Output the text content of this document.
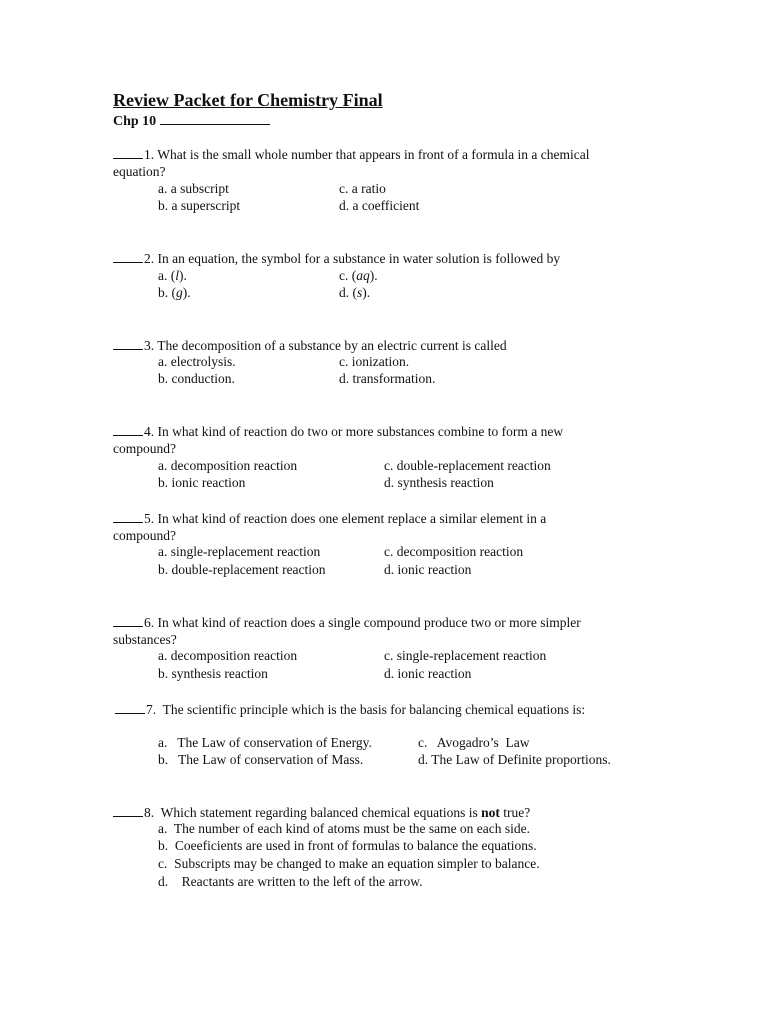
Review Packet for Chemistry Final
Chp 10
1. What is the small whole number that appears in front of a formula in a chemical
equation?
a. a subscript	c. a ratio
b. a superscript	d. a coefficient
2. In an equation, the symbol for a substance in water solution is followed by
a. (l).	c. (aq).
b. (g).	d. (s).
3. The decomposition of a substance by an electric current is called
a. electrolysis.	c. ionization.
b. conduction.	d. transformation.
4. In what kind of reaction do two or more substances combine to form a new
compound?
a. decomposition reaction	c. double-replacement reaction
b. ionic reaction	d. synthesis reaction
5. In what kind of reaction does one element replace a similar element in a
compound?
a. single-replacement reaction	c. decomposition reaction
b. double-replacement reaction	d. ionic reaction
6. In what kind of reaction does a single compound produce two or more simpler
substances?
a. decomposition reaction	c. single-replacement reaction
b. synthesis reaction	d. ionic reaction
7.  The scientific principle which is the basis for balancing chemical equations is:
a.   The Law of conservation of Energy.	c.   Avogadro’s  Law
b.   The Law of conservation of Mass.	d. The Law of Definite proportions.
8.  Which statement regarding balanced chemical equations is not true?
a. The number of each kind of atoms must be the same on each side.
b. Coeeficients are used in front of formulas to balance the equations.
c. Subscripts may be changed to make an equation simpler to balance.
d.    Reactants are written to the left of the arrow.
